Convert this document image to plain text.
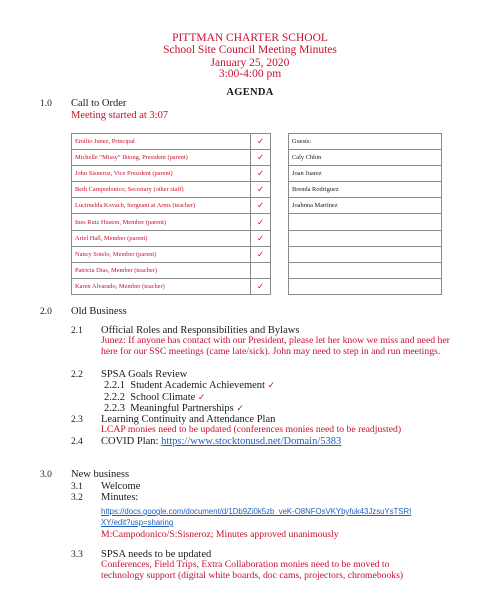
PITTMAN CHARTER SCHOOL
School Site Council Meeting Minutes
January 25, 2020
3:00-4:00 pm
AGENDA
1.0 Call to Order
Meeting started at 3:07
Emilio Junez, Principal	✓
Michelle “Missy” Ihiong, President (parent)	✓
John Sisneroz, Vice President (parent)	✓
Beth Campodonico, Secretary (other staff)	✓
Lucimelda Kovach, Sergeant at Arms (teacher)	✓
Ines Ruiz Huston, Member (parent)	✓
Ariel Hall, Member (parent)	✓
Nancy Sotelo, Member (parent)	✓
Patricia Dias, Member (teacher)	
Karen Alvarado, Member (teacher)	✓
Guests:
Caly Chhin
Joan Juarez
Brenda Rodriguez
Joahnna Martinez

2.0 Old Business
2.1 Official Roles and Responsibilities and Bylaws
Junez: If anyone has contact with our President, please let her know we miss and need her here for our SSC meetings (came late/sick). John may need to step in and run meetings.
2.2 SPSA Goals Review
2.2.1 Student Academic Achievement ✓
2.2.2 School Climate ✓
2.2.3 Meaningful Partnerships ✓
2.3 Learning Continuity and Attendance Plan
LCAP monies need to be updated (conferences monies need to be readjusted)
2.4 COVID Plan: https://www.stocktonusd.net/Domain/5383
3.0 New business
3.1 Welcome
3.2 Minutes:
https://docs.google.com/document/d/1Db9Zi0k5zb_veK-O8NFOsVKYbyfuk43JzsuYsTSRI
XY/edit?usp=sharing
M:Campodonico/S:Sisneroz; Minutes approved unanimously
3.3 SPSA needs to be updated
Conferences, Field Trips, Extra Collaboration monies need to be moved to
technology support (digital white boards, doc cams, projectors, chromebooks)
